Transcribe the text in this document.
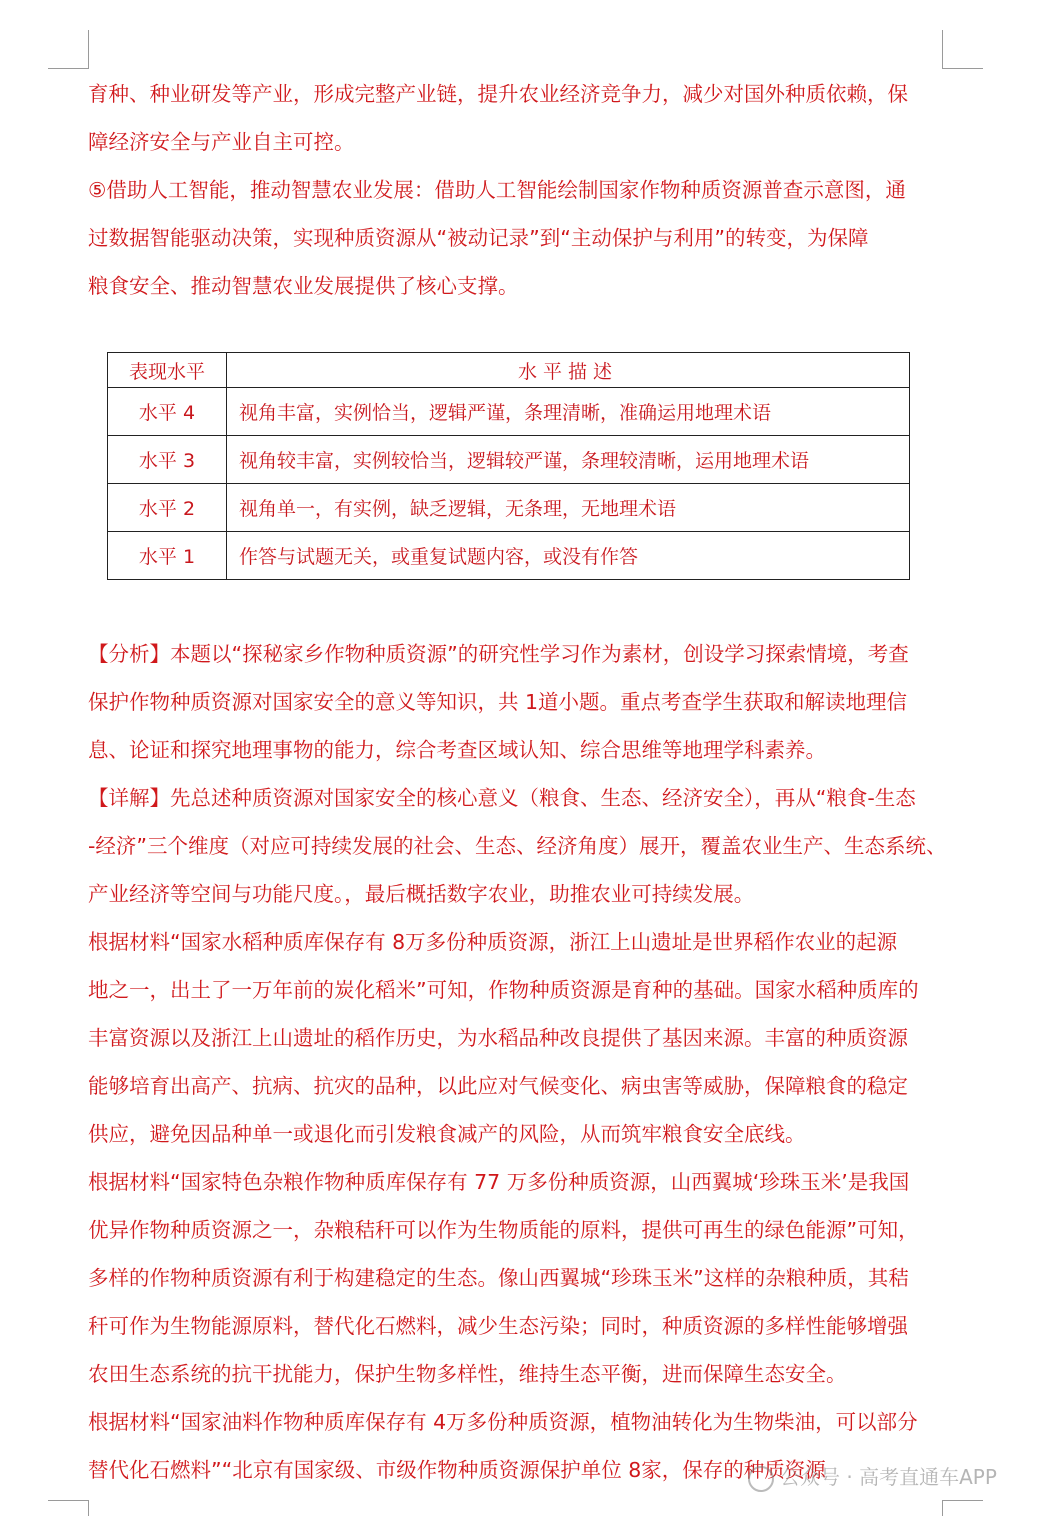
育种、种业研发等产业，形成完整产业链，提升农业经济竞争力，减少对国外种质依赖，保
障经济安全与产业自主可控。
⑤借助人工智能，推动智慧农业发展：借助人工智能绘制国家作物种质资源普查示意图，通
过数据智能驱动决策，实现种质资源从“被动记录”到“主动保护与利用”的转变，为保障
粮食安全、推动智慧农业发展提供了核心支撑。
表现水平	水平描述
水平 4	视角丰富，实例恰当，逻辑严谨，条理清晰，准确运用地理术语
水平 3	视角较丰富，实例较恰当，逻辑较严谨，条理较清晰，运用地理术语
水平 2	视角单一，有实例，缺乏逻辑，无条理，无地理术语
水平 1	作答与试题无关，或重复试题内容，或没有作答
【分析】本题以“探秘家乡作物种质资源”的研究性学习作为素材，创设学习探索情境，考查
保护作物种质资源对国家安全的意义等知识，共 1道小题。重点考查学生获取和解读地理信
息、论证和探究地理事物的能力，综合考查区域认知、综合思维等地理学科素养。
【详解】先总述种质资源对国家安全的核心意义（粮食、生态、经济安全），再从“粮食-生态
-经济”三个维度（对应可持续发展的社会、生态、经济角度）展开，覆盖农业生产、生态系统、
产业经济等空间与功能尺度。，最后概括数字农业，助推农业可持续发展。
根据材料“国家水稻种质库保存有 8万多份种质资源，浙江上山遗址是世界稻作农业的起源
地之一，出土了一万年前的炭化稻米”可知，作物种质资源是育种的基础。国家水稻种质库的
丰富资源以及浙江上山遗址的稻作历史，为水稻品种改良提供了基因来源。丰富的种质资源
能够培育出高产、抗病、抗灾的品种，以此应对气候变化、病虫害等威胁，保障粮食的稳定
供应，避免因品种单一或退化而引发粮食减产的风险，从而筑牢粮食安全底线。
根据材料“国家特色杂粮作物种质库保存有 77 万多份种质资源，山西翼城‘珍珠玉米’是我国
优异作物种质资源之一，杂粮秸秆可以作为生物质能的原料，提供可再生的绿色能源”可知，
多样的作物种质资源有利于构建稳定的生态。像山西翼城“珍珠玉米”这样的杂粮种质，其秸
秆可作为生物能源原料，替代化石燃料，减少生态污染；同时，种质资源的多样性能够增强
农田生态系统的抗干扰能力，保护生物多样性，维持生态平衡，进而保障生态安全。
根据材料“国家油料作物种质库保存有 4万多份种质资源，植物油转化为生物柴油，可以部分
替代化石燃料”“北京有国家级、市级作物种质资源保护单位 8家，保存的种质资源
公众号 · 高考直通车APP
